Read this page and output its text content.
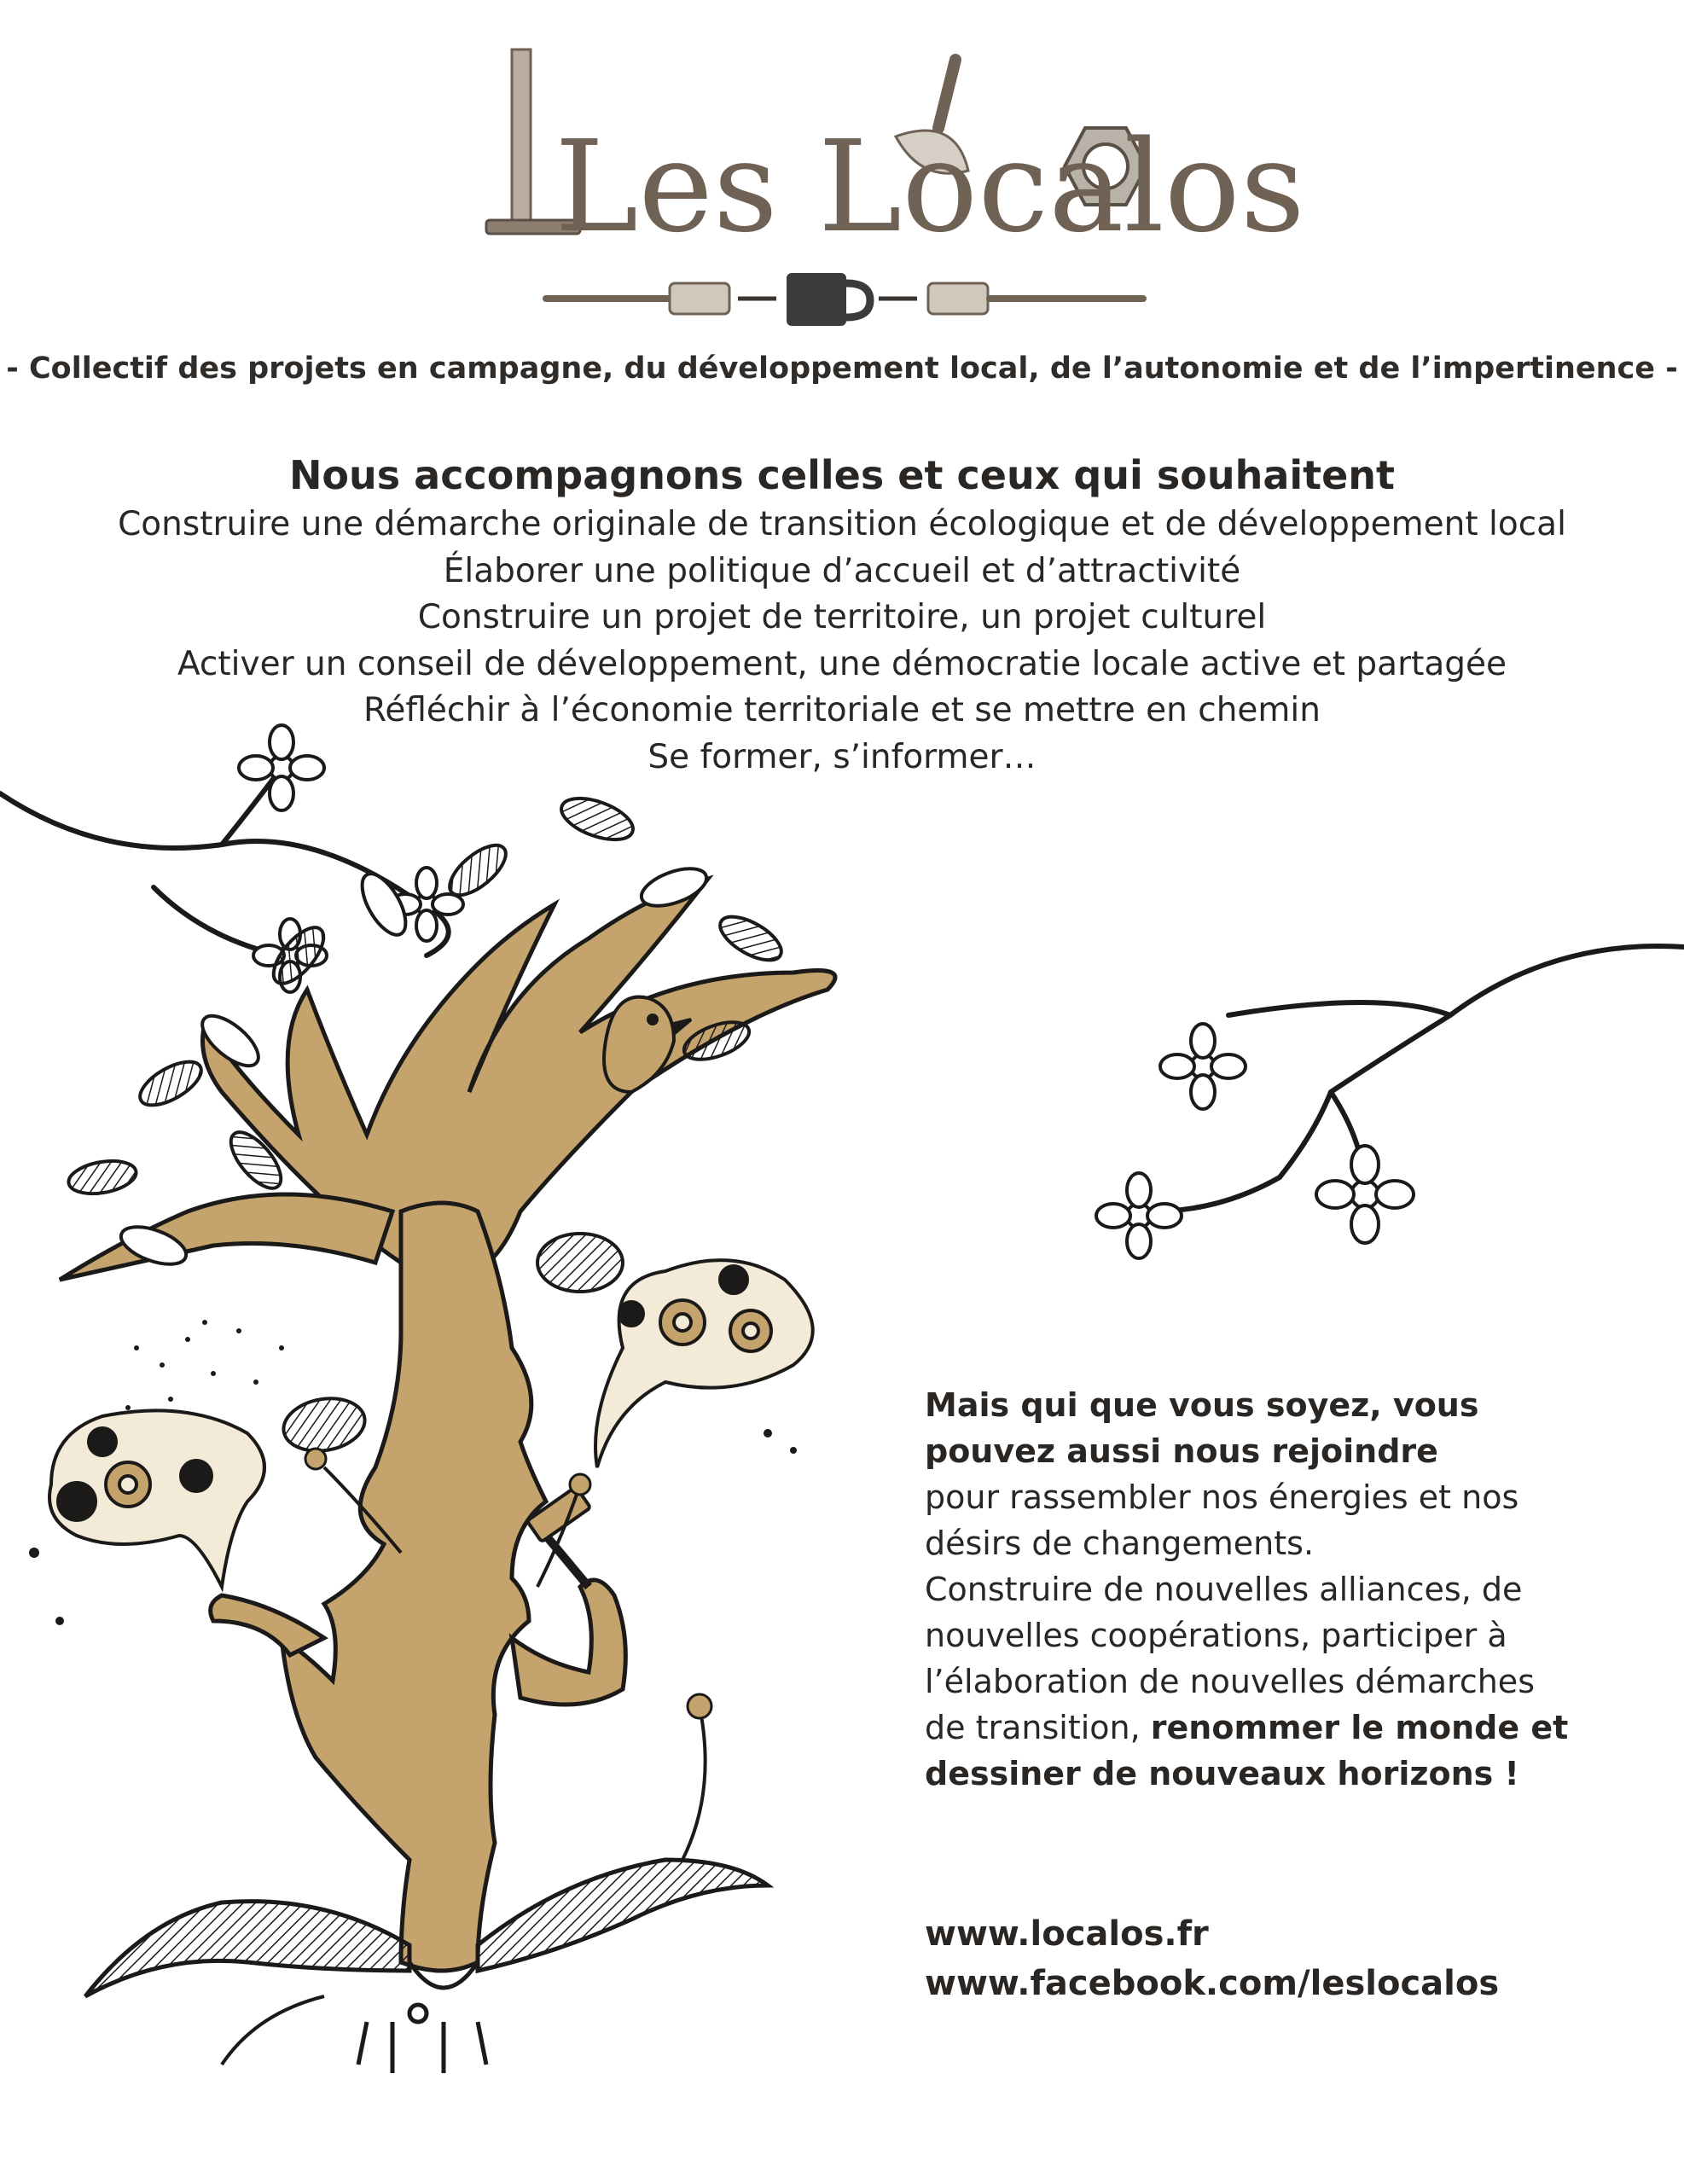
Les Localos
- Collectif des projets en campagne, du développement local, de l’autonomie et de l’impertinence -
Nous accompagnons celles et ceux qui souhaitent
Construire une démarche originale de transition écologique et de développement local
Élaborer une politique d’accueil et d’attractivité
Construire un projet de territoire, un projet culturel
Activer un conseil de développement, une démocratie locale active et partagée
Réfléchir à l’économie territoriale et se mettre en chemin
Se former, s’informer…
Mais qui que vous soyez, vous
pouvez aussi nous rejoindre
pour rassembler nos énergies et nos
désirs de changements.
Construire de nouvelles alliances, de
nouvelles coopérations, participer à
l’élaboration de nouvelles démarches
de transition, renommer le monde et
dessiner de nouveaux horizons !
www.localos.fr
www.facebook.com/leslocalos
